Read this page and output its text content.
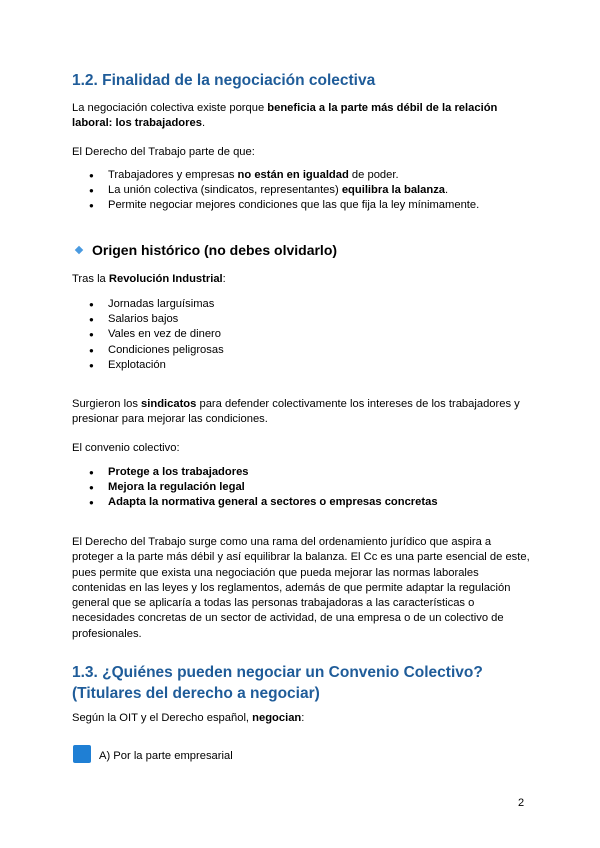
1.2. Finalidad de la negociación colectiva

La negociación colectiva existe porque beneficia a la parte más débil de la relación laboral: los trabajadores.

El Derecho del Trabajo parte de que:

● Trabajadores y empresas no están en igualdad de poder.
● La unión colectiva (sindicatos, representantes) equilibra la balanza.
● Permite negociar mejores condiciones que las que fija la ley mínimamente.
Origen histórico (no debes olvidarlo)

Tras la Revolución Industrial:

● Jornadas larguísimas
● Salarios bajos
● Vales en vez de dinero
● Condiciones peligrosas
● Explotación

Surgieron los sindicatos para defender colectivamente los intereses de los trabajadores y presionar para mejorar las condiciones.

El convenio colectivo:

● Protege a los trabajadores
● Mejora la regulación legal
● Adapta la normativa general a sectores o empresas concretas

El Derecho del Trabajo surge como una rama del ordenamiento jurídico que aspira a proteger a la parte más débil y así equilibrar la balanza. El Cc es una parte esencial de este, pues permite que exista una negociación que pueda mejorar las normas laborales contenidas en las leyes y los reglamentos, además de que permite adaptar la regulación general que se aplicaría a todas las personas trabajadoras a las características o necesidades concretas de un sector de actividad, de una empresa o de un colectivo de profesionales.

1.3. ¿Quiénes pueden negociar un Convenio Colectivo? (Titulares del derecho a negociar)

Según la OIT y el Derecho español, negocian:

A) Por la parte empresarial
2
